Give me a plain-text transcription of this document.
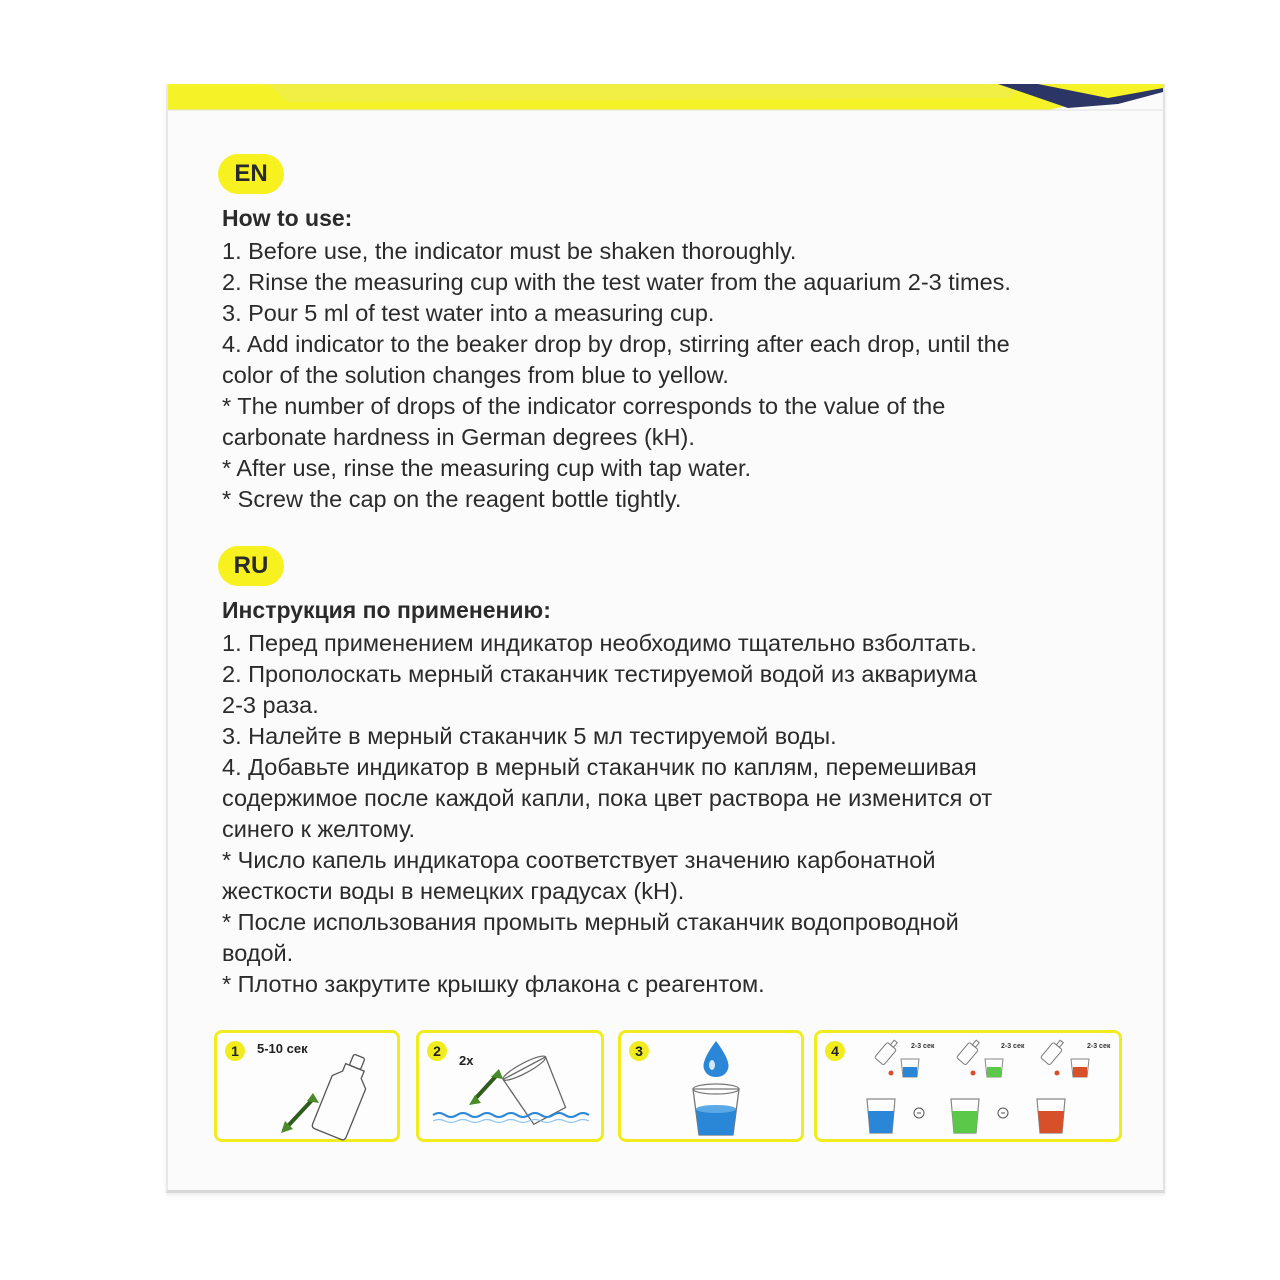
EN
How to use:
1. Before use, the indicator must be shaken thoroughly.
2. Rinse the measuring cup with the test water from the aquarium 2-3 times.
3. Pour 5 ml of test water into a measuring cup.
4. Add indicator to the beaker drop by drop, stirring after each drop, until the
color of the solution changes from blue to yellow.
* The number of drops of the indicator corresponds to the value of the
carbonate hardness in German degrees (kH).
* After use, rinse the measuring cup with tap water.
* Screw the cap on the reagent bottle tightly.
RU
Инструкция по применению:
1. Перед применением индикатор необходимо тщательно взболтать.
2. Прополоскать мерный стаканчик тестируемой водой из аквариума
2-3 раза.
3. Налейте в мерный стаканчик 5 мл тестируемой воды.
4. Добавьте индикатор в мерный стаканчик по каплям, перемешивая
содержимое после каждой капли, пока цвет раствора не изменится от
синего к желтому.
* Число капель индикатора соответствует значению карбонатной
жесткости воды в немецких градусах (kH).
* После использования промыть мерный стаканчик водопроводной
водой.
* Плотно закрутите крышку флакона с реагентом.
1	5-10 сек	2
2x
3	4	2-3 сек	2-3 сек	2-3 сек
